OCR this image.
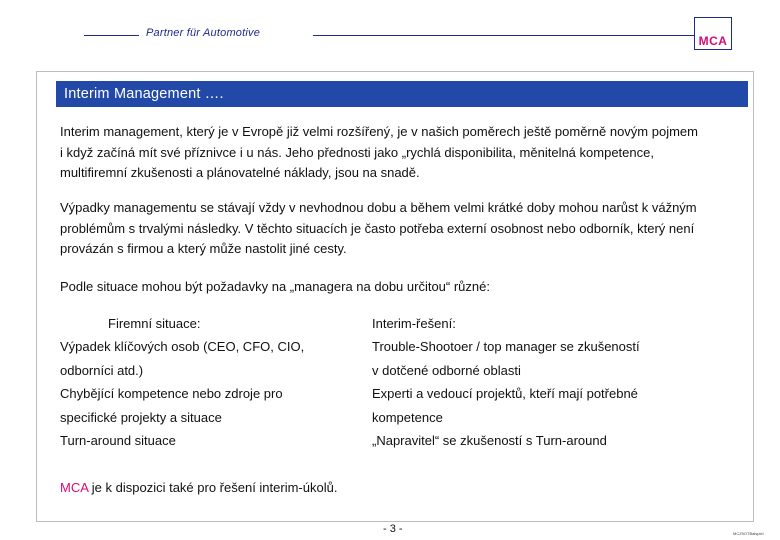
Partner für Automotive
MCA
Interim Management ….
Interim management, který je v Evropě již velmi rozšířený, je v našich poměrech ještě poměrně novým pojmem i když začíná mít své příznivce i u nás. Jeho přednosti jako „rychlá disponibilita, měnitelná kompetence, multifiremní zkušenosti a plánovatelné náklady, jsou na snadě.
Výpadky managementu se stávají vždy v nevhodnou dobu a během velmi krátké doby mohou narůst k vážným problémům s trvalými následky. V těchto situacích je často potřeba externí osobnost nebo odborník, který není provázán s firmou a který může nastolit jiné cesty.
Podle situace mohou být požadavky na „managera na dobu určitou“ různé:
Firemní situace:	Interim-řešení:
Výpadek klíčových osob (CEO, CFO, CIO,	Trouble-Shootoer / top manager se zkušeností
odborníci atd.)	v dotčené odborné oblasti
Chybějící kompetence nebo zdroje pro	Experti a vedoucí projektů, kteří mají potřebné
specifické projekty a situace	kompetence
Turn-around situace	„Napravitel“ se zkušeností s Turn-around
MCA je k dispozici také pro řešení interim-úkolů.
- 3 -	MCZ9OTBalspiel
